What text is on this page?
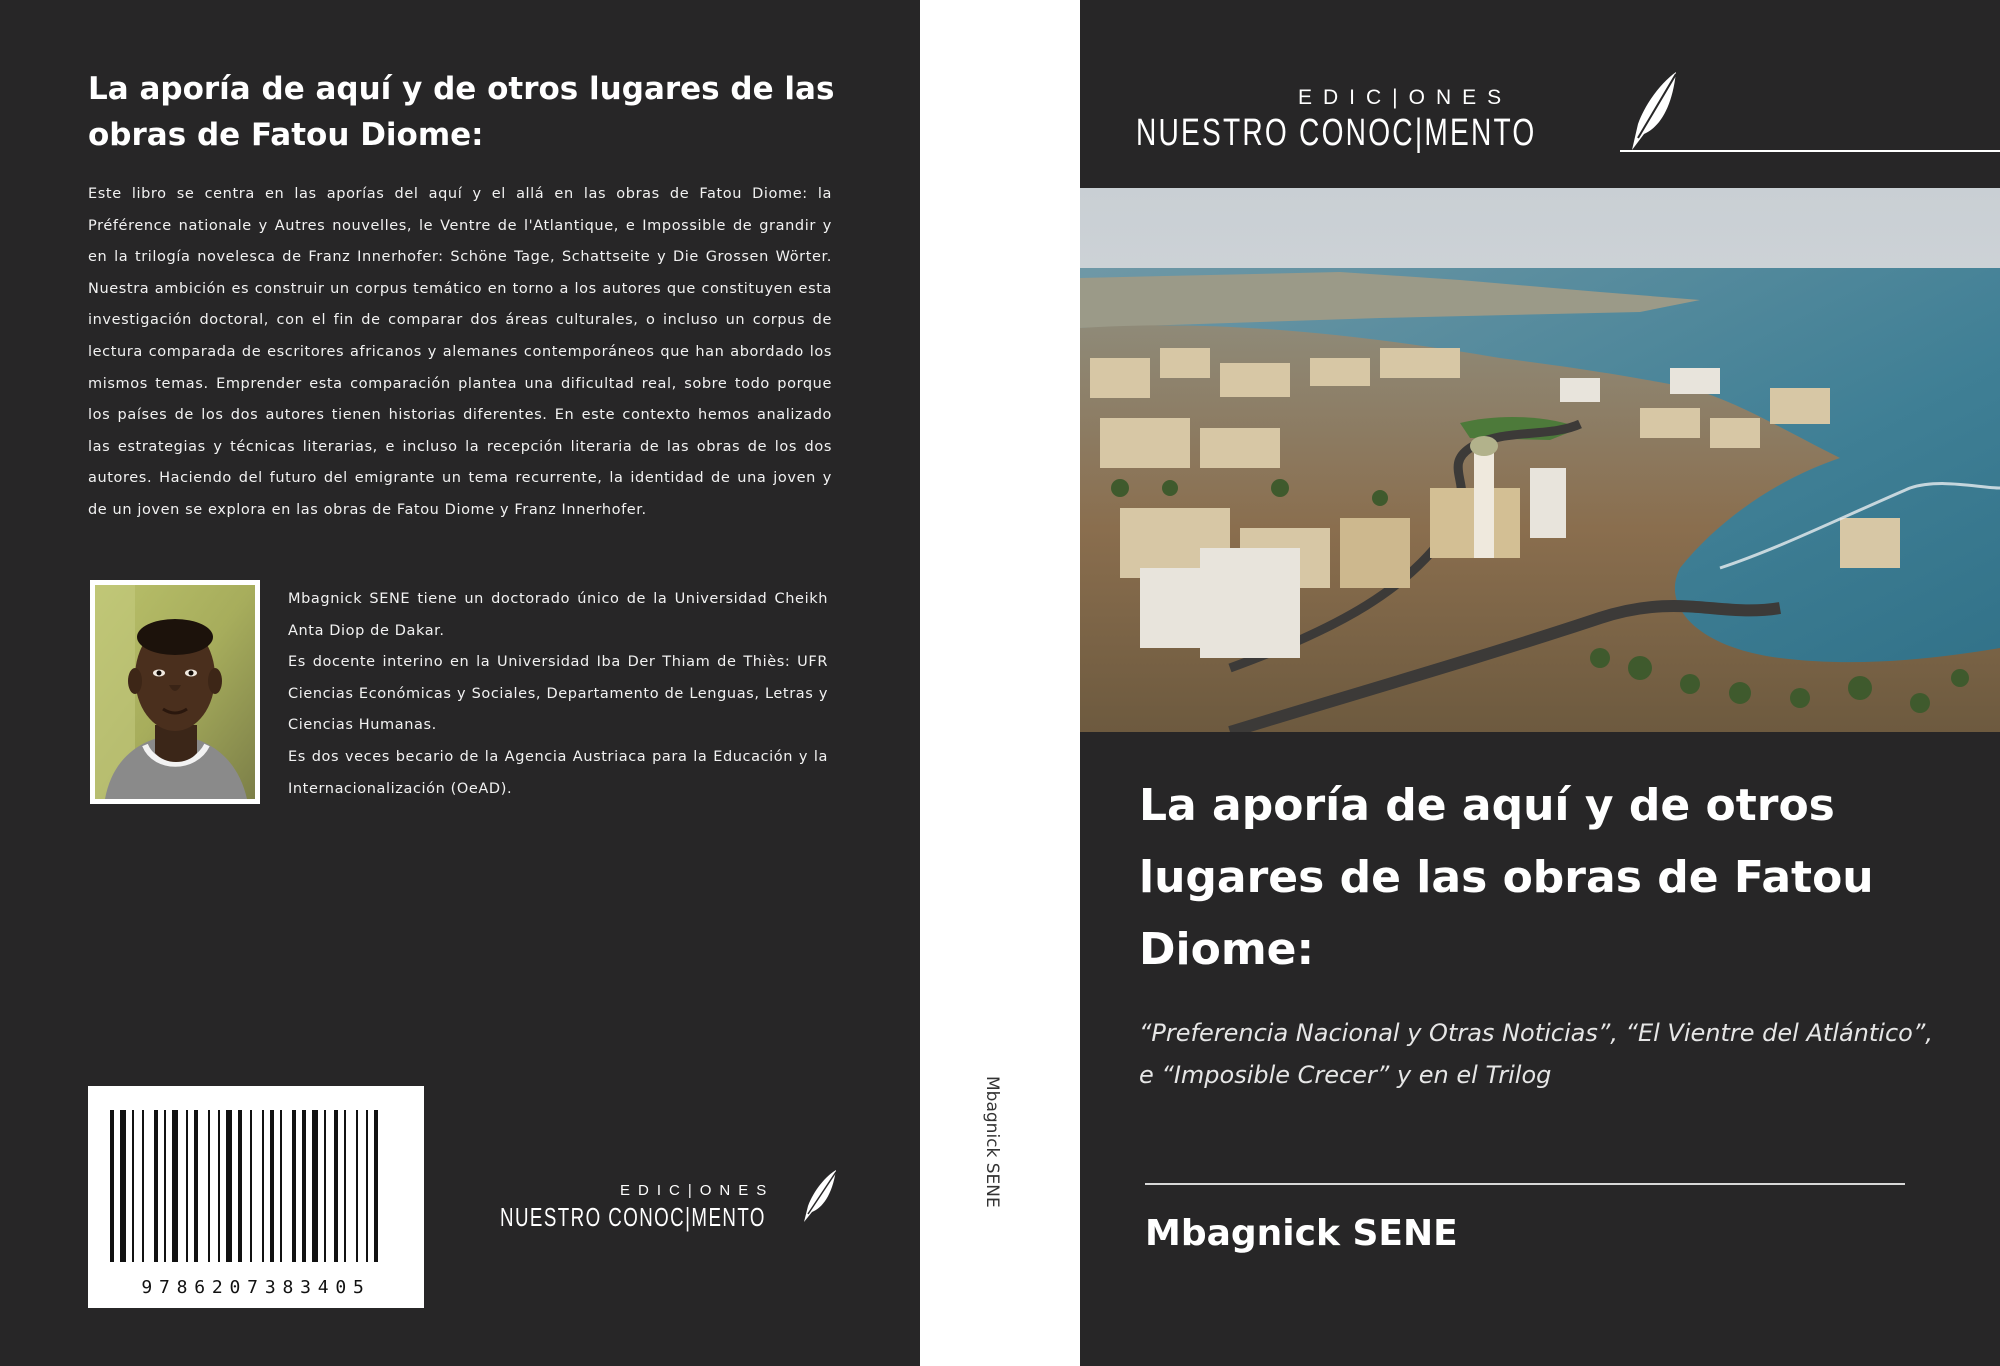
La aporía de aquí y de otros lugares de las obras de Fatou Diome:
Este libro se centra en las aporías del aquí y el allá en las obras de Fatou Diome: la Préférence nationale y Autres nouvelles, le Ventre de l'Atlantique, e Impossible de grandir y en la trilogía novelesca de Franz Innerhofer: Schöne Tage, Schattseite y Die Grossen Wörter. Nuestra ambición es construir un corpus temático en torno a los autores que constituyen esta investigación doctoral, con el fin de comparar dos áreas culturales, o incluso un corpus de lectura comparada de escritores africanos y alemanes contemporáneos que han abordado los mismos temas. Emprender esta comparación plantea una dificultad real, sobre todo porque los países de los dos autores tienen historias diferentes. En este contexto hemos analizado las estrategias y técnicas literarias, e incluso la recepción literaria de las obras de los dos autores. Haciendo del futuro del emigrante un tema recurrente, la identidad de una joven y de un joven se explora en las obras de Fatou Diome y Franz Innerhofer.

Mbagnick SENE tiene un doctorado único de la Universidad Cheikh Anta Diop de Dakar.

Es docente interino en la Universidad Iba Der Thiam de Thiès: UFR Ciencias Económicas y Sociales, Departamento de Lenguas, Letras y Ciencias Humanas.

Es dos veces becario de la Agencia Austriaca para la Educación y la Internacionalización (OeAD).

9786207383405
EDIC|ONES
NUESTRO CONOC|MENTO
Mbagnick SENE
EDIC|ONES
NUESTRO CONOC|MENTO
La aporía de aquí y de otros lugares de las obras de Fatou Diome:
“Preferencia Nacional y Otras Noticias”, “El Vientre del Atlántico”, e “Imposible Crecer” y en el Trilog
Mbagnick SENE
